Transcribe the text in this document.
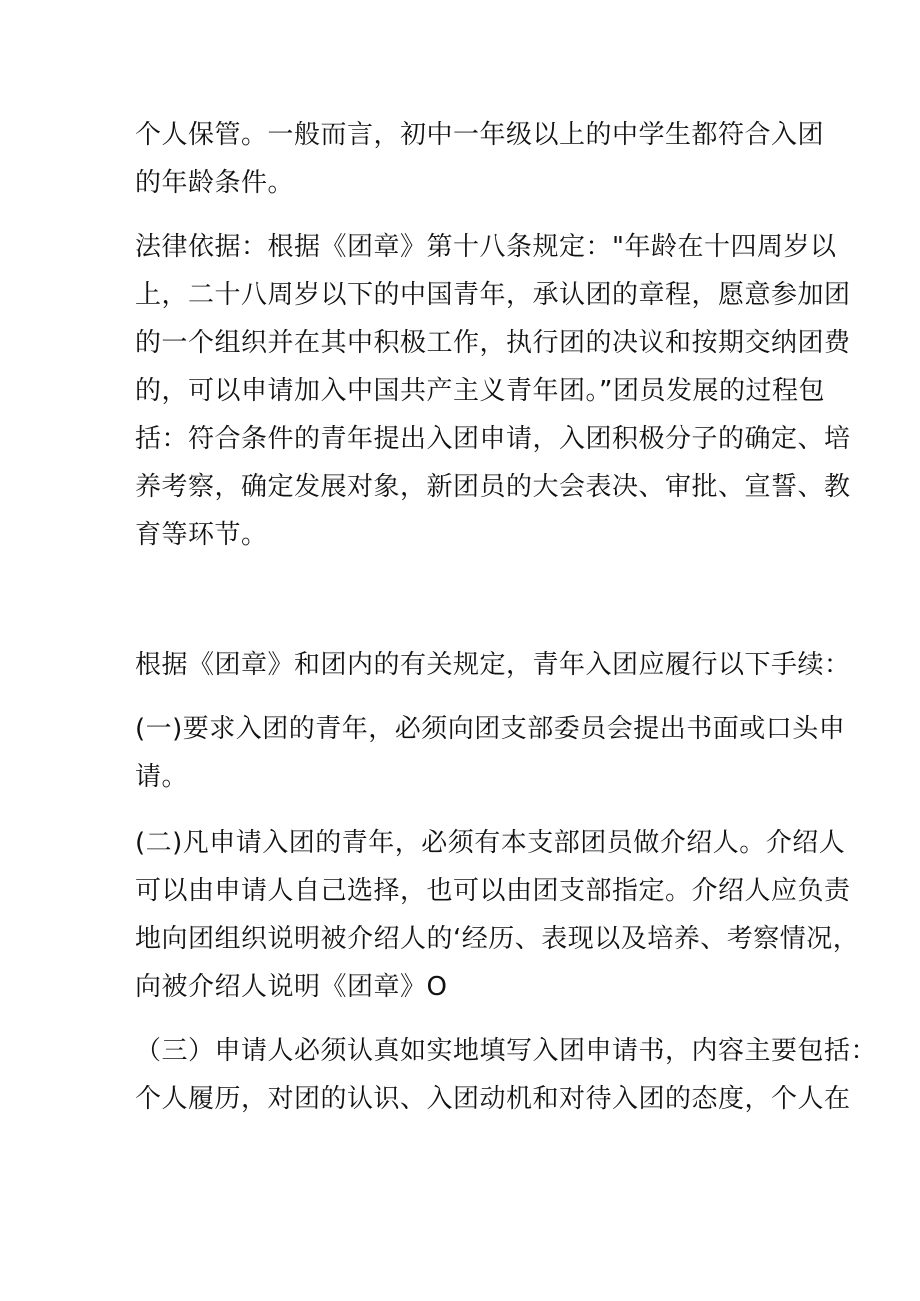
个人保管。一般而言，初中一年级以上的中学生都符合入团

的年龄条件。

法律依据：根据《团章》第十八条规定："年龄在十四周岁以

上，二十八周岁以下的中国青年，承认团的章程，愿意参加团

的一个组织并在其中积极工作，执行团的决议和按期交纳团费

的，可以申请加入中国共产主义青年团。”团员发展的过程包

括：符合条件的青年提出入团申请，入团积极分子的确定、培

养考察，确定发展对象，新团员的大会表决、审批、宣誓、教

育等环节。

根据《团章》和团内的有关规定，青年入团应履行以下手续：

(一)要求入团的青年，必须向团支部委员会提出书面或口头申

请。

(二)凡申请入团的青年，必须有本支部团员做介绍人。介绍人

可以由申请人自己选择，也可以由团支部指定。介绍人应负责

地向团组织说明被介绍人的‘经历、表现以及培养、考察情况，

向被介绍人说明《团章》O

（三）申请人必须认真如实地填写入团申请书，内容主要包括：

个人履历，对团的认识、入团动机和对待入团的态度，个人在
